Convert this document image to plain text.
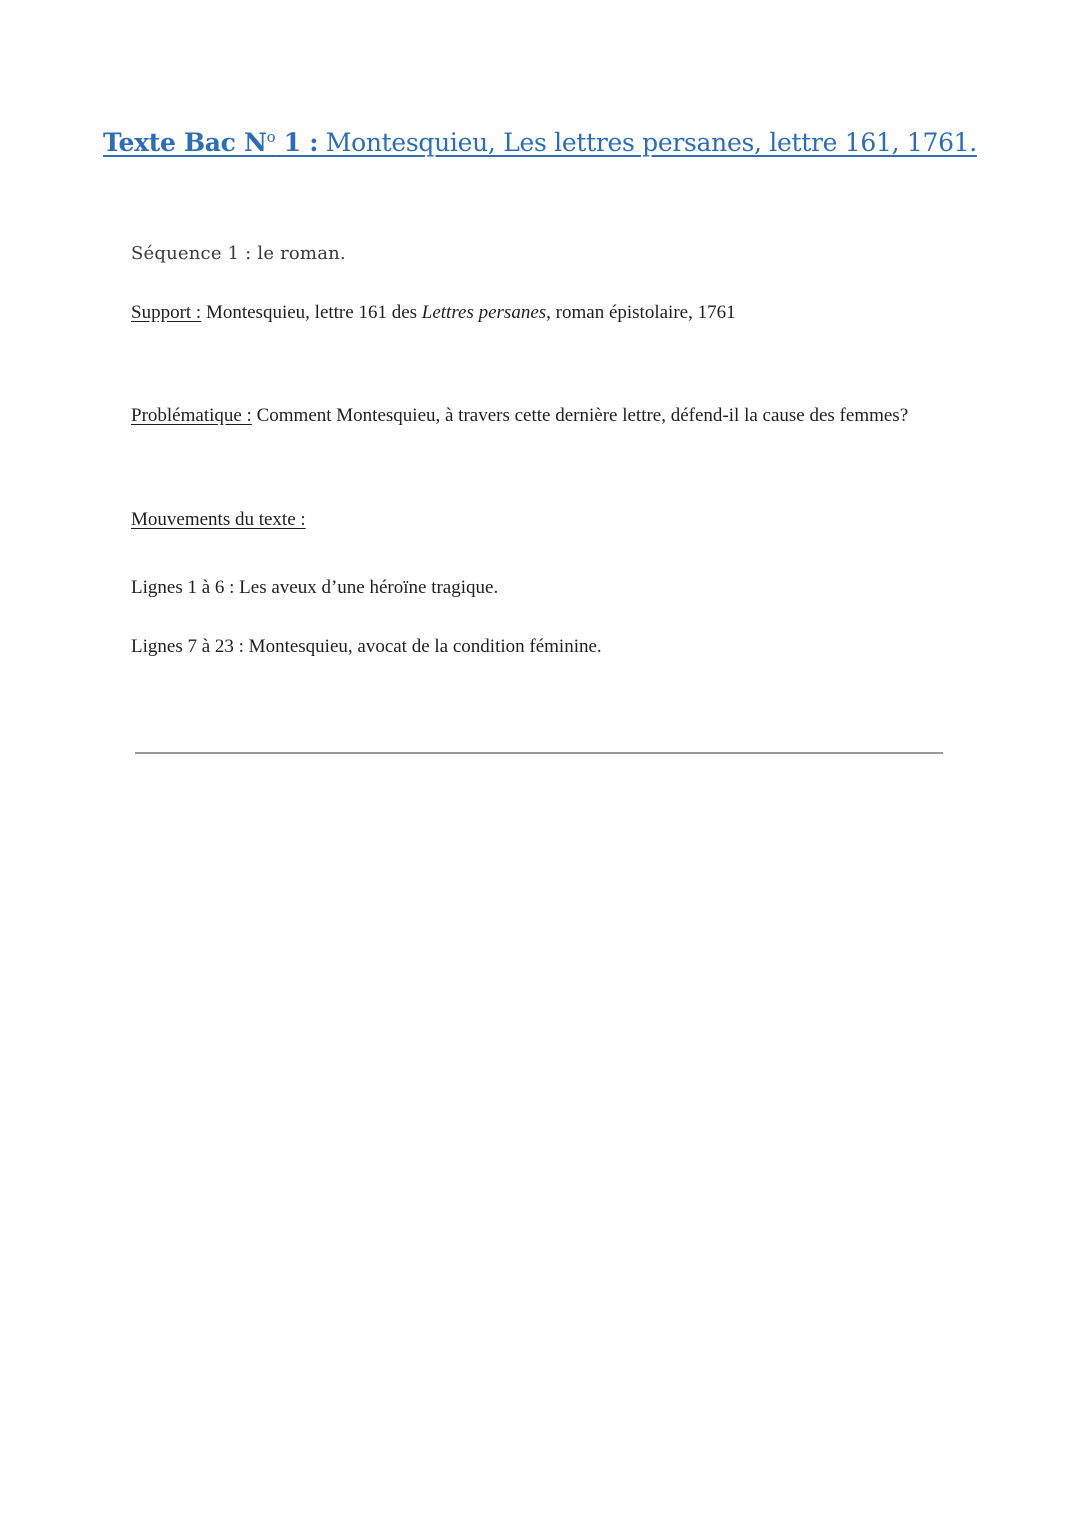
Texte Bac $N^o$ 1 : Montesquieu, Les lettres persanes, lettre 161, 1761.
Séquence 1 : le roman.
Support : Montesquieu, lettre 161 des Lettres persanes, roman épistolaire, 1761
Problématique : Comment Montesquieu, à travers cette dernière lettre, défend-il la cause des femmes?
Mouvements du texte :
Lignes 1 à 6 : Les aveux d’une héroïne tragique.
Lignes 7 à 23 : Montesquieu, avocat de la condition féminine.
